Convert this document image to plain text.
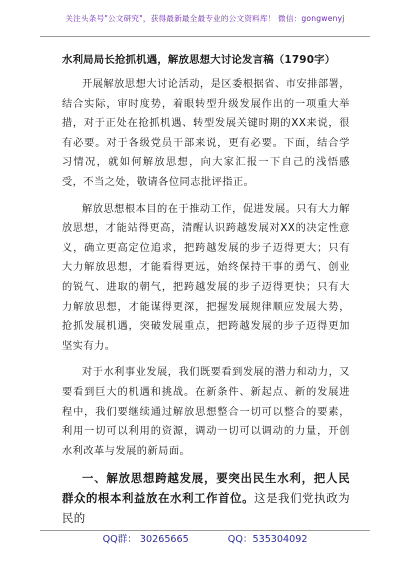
关注头条号"公文研究"，获得最新最全最专业的公文资料库！ 微信：gongwenyj
水利局局长抢抓机遇，解放思想大讨论发言稿（1790字）

开展解放思想大讨论活动，是区委根据省、市安排部署，结合实际，审时度势，着眼转型升级发展作出的一项重大举措，对于正处在抢抓机遇、转型发展关键时期的XX来说，很有必要。对于各级党员干部来说，更有必要。下面，结合学习情况，就如何解放思想，向大家汇报一下自己的浅悟感受，不当之处，敬请各位同志批评指正。

解放思想根本目的在于推动工作，促进发展。只有大力解放思想，才能站得更高，清醒认识跨越发展对XX的决定性意义，确立更高定位追求，把跨越发展的步子迈得更大；只有大力解放思想，才能看得更远，始终保持干事的勇气、创业的锐气、进取的朝气，把跨越发展的步子迈得更快；只有大力解放思想，才能谋得更深，把握发展规律顺应发展大势，抢抓发展机遇，突破发展重点，把跨越发展的步子迈得更加坚实有力。

对于水利事业发展，我们既要看到发展的潜力和动力，又要看到巨大的机遇和挑战。在新条件、新起点、新的发展进程中，我们要继续通过解放思想整合一切可以整合的要素，利用一切可以利用的资源，调动一切可以调动的力量，开创水利改革与发展的新局面。

一、解放思想跨越发展，要突出民生水利，把人民群众的根本利益放在水利工作首位。这是我们党执政为民的

QQ群： 30265665	QQ：535304092
